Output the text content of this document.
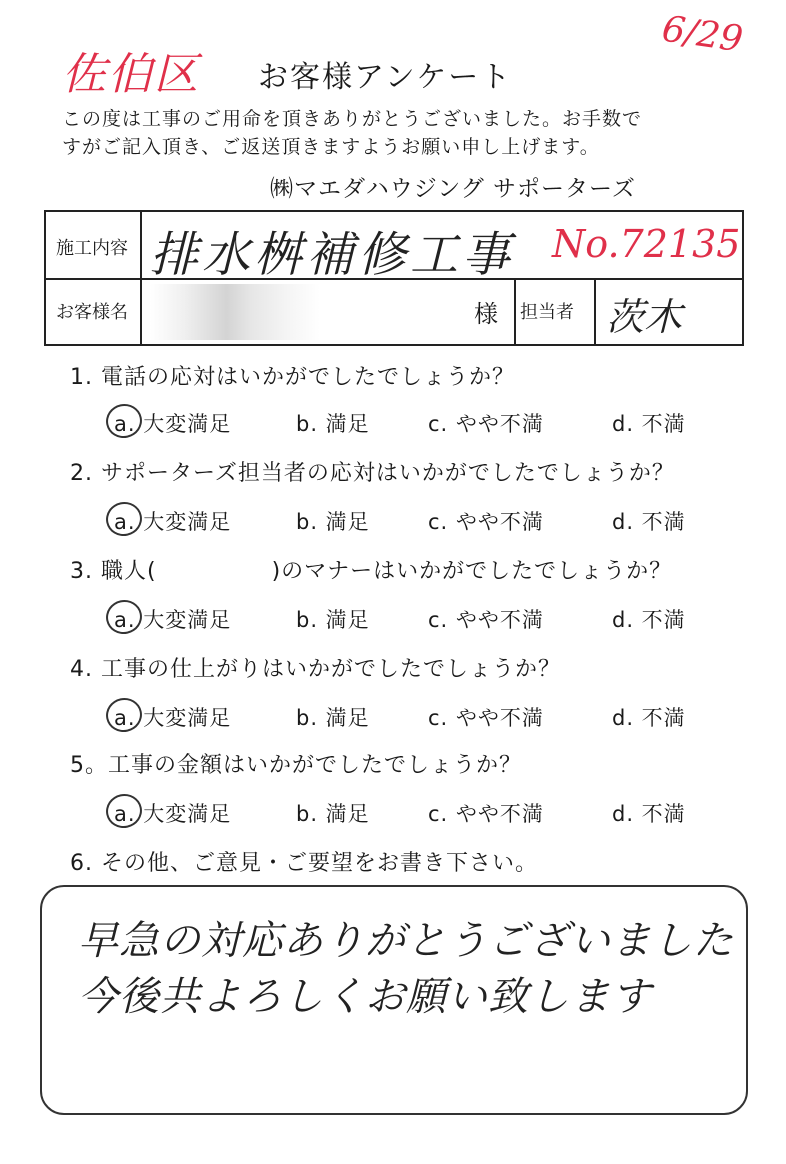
佐伯区 お客様アンケート
6/29
この度は工事のご用命を頂きありがとうございました。お手数で
すがご記入頂き、ご返送頂きますようお願い申し上げます。
㈱マエダハウジング サポーターズ
施工内容 排水桝補修工事 No.72135
お客様名	様 担当者 茨木
1. 電話の応対はいかがでしたでしょうか？
a. 大変満足	b. 満足	c. やや不満	d. 不満
2. サポーターズ担当者の応対はいかがでしたでしょうか？
a. 大変満足	b. 満足	c. やや不満	d. 不満
3. 職人(　　　　　)のマナーはいかがでしたでしょうか？
a. 大変満足	b. 満足	c. やや不満	d. 不満
4. 工事の仕上がりはいかがでしたでしょうか？
a. 大変満足	b. 満足	c. やや不満	d. 不満
5。工事の金額はいかがでしたでしょうか？
a. 大変満足	b. 満足	c. やや不満	d. 不満
6. その他、ご意見・ご要望をお書き下さい。
早急の対応ありがとうございました
今後共よろしくお願い致します
